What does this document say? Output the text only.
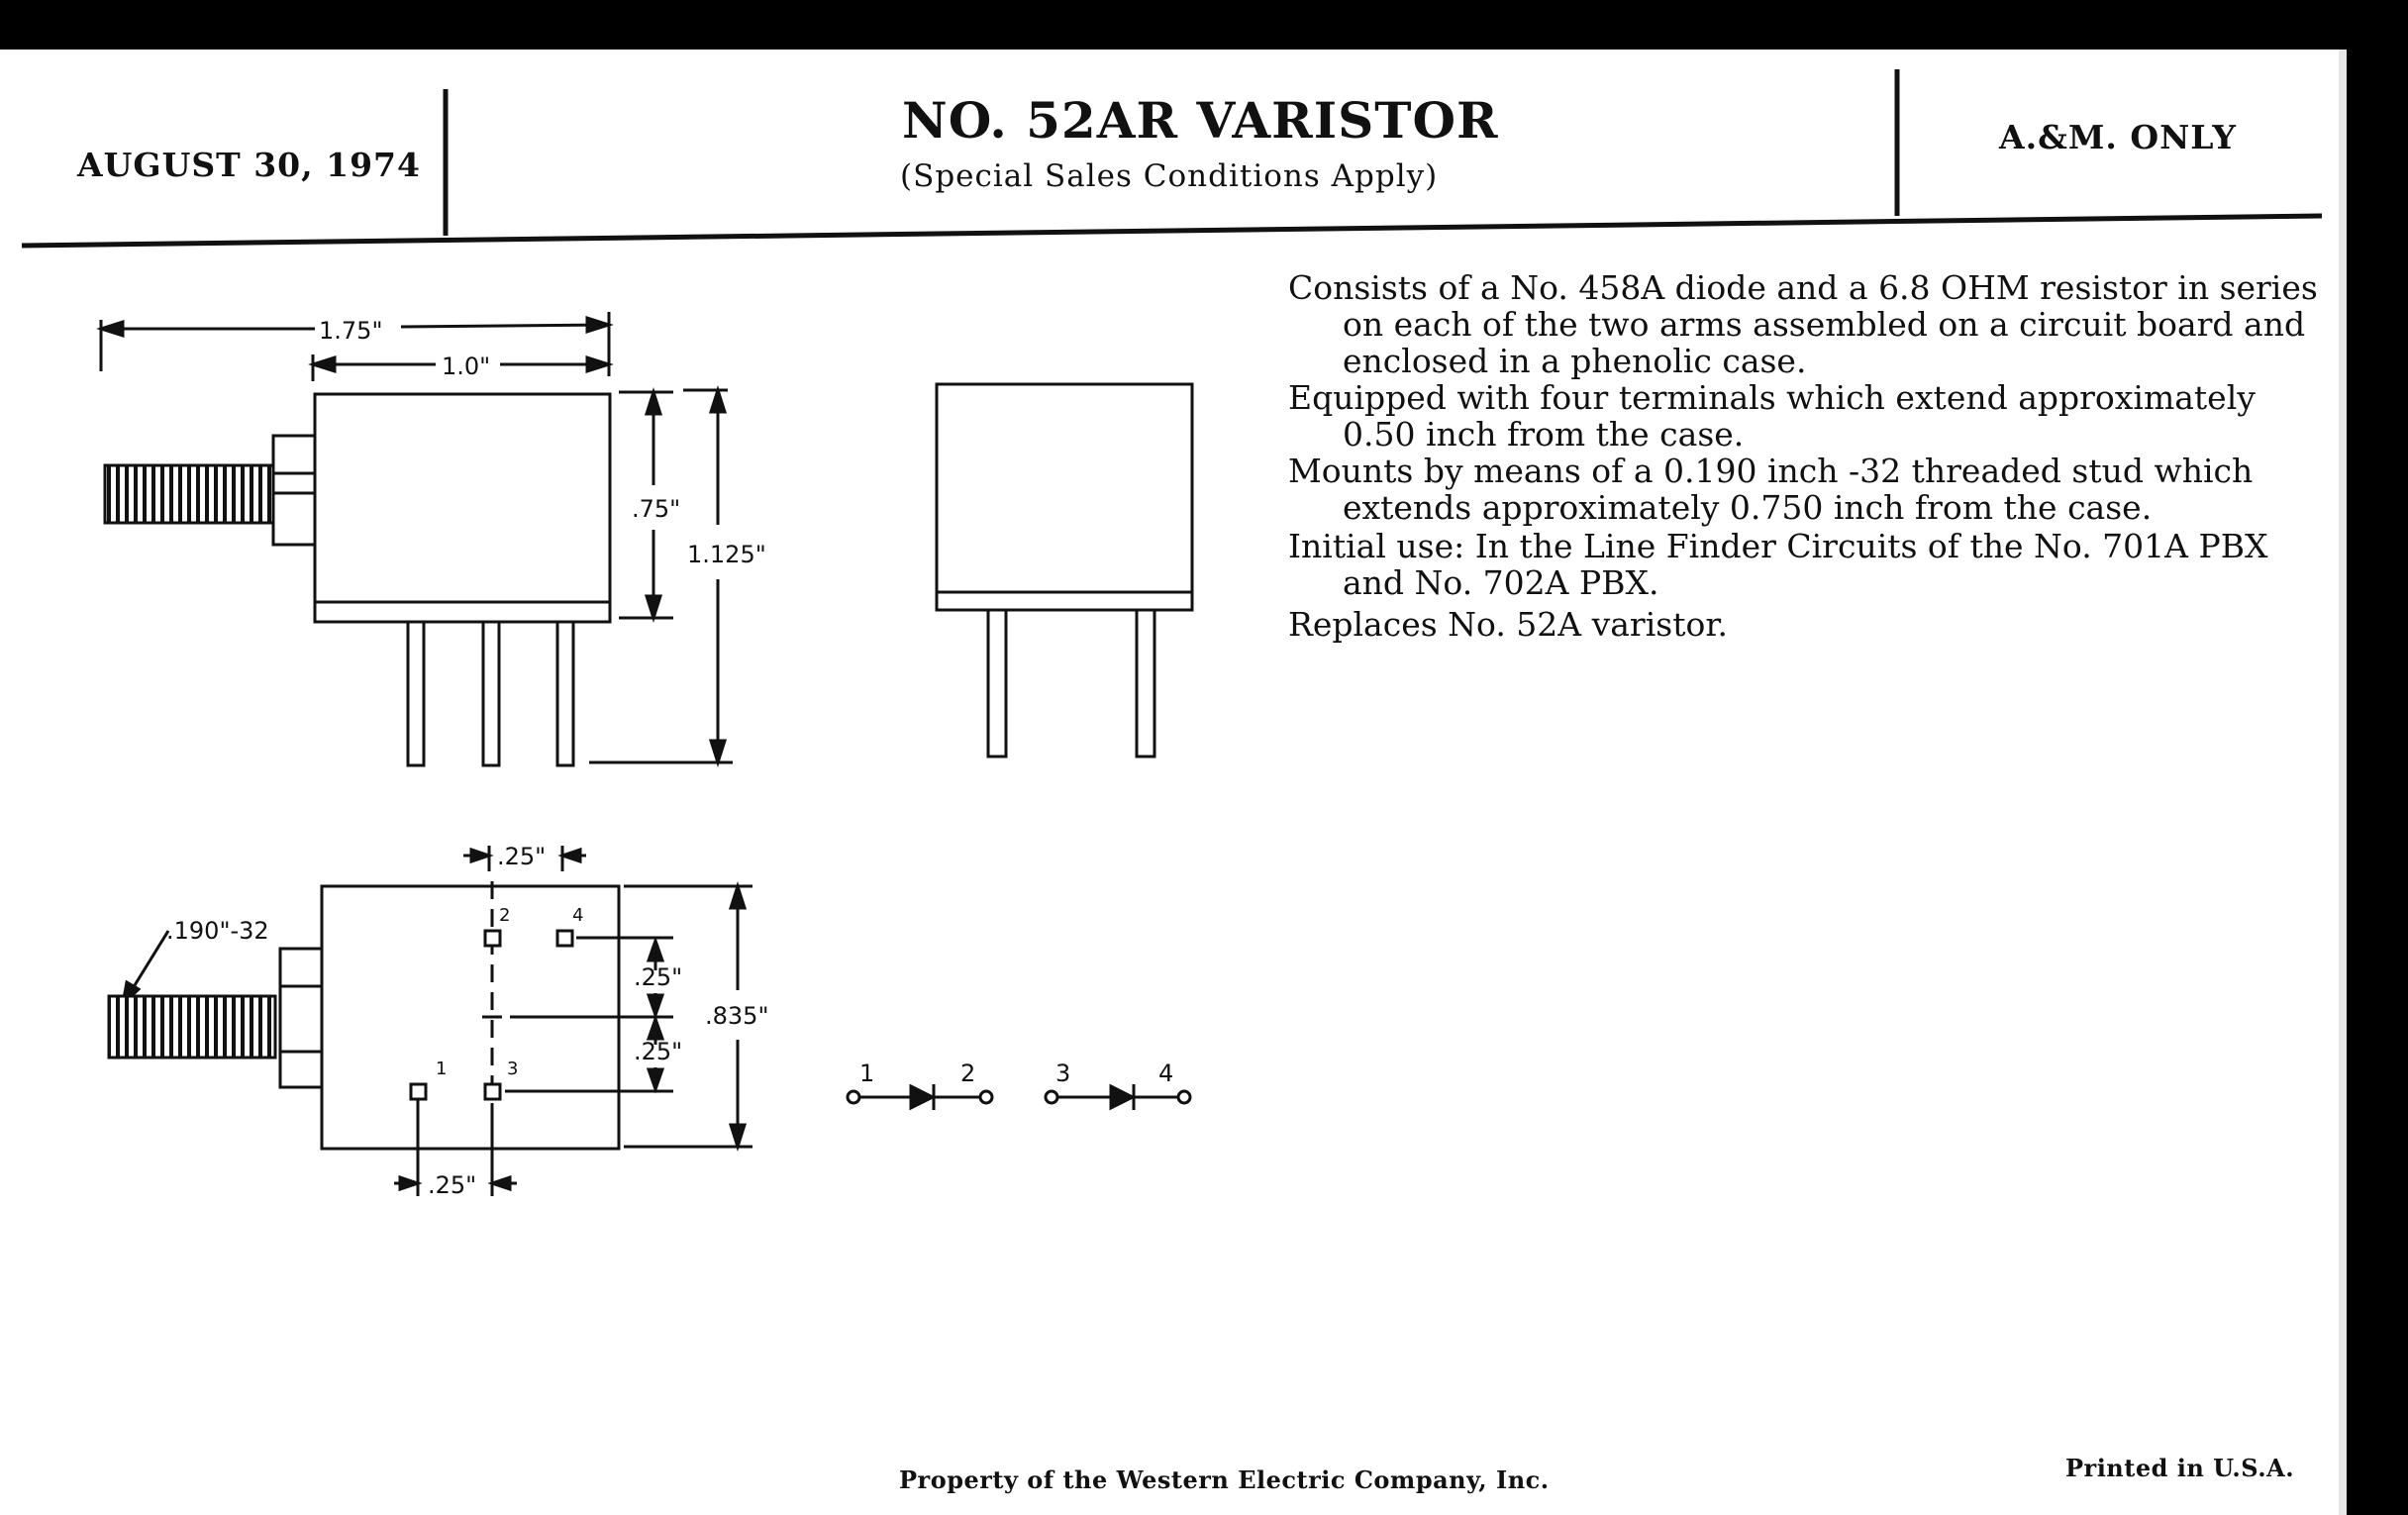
1.75"
1.0"
.75"
1.125"
.25"
.190"-32
.25"
.25"
.835"
.25"
2	4
1	3	1	2	3	4
AUGUST 30, 1974
NO. 52AR VARISTOR
(Special Sales Conditions Apply)
A.&M. ONLY

Consists of a No. 458A diode and a 6.8 OHM resistor in series on each of the two arms assembled on a circuit board and enclosed in a phenolic case.

Equipped with four terminals which extend approximately 0.50 inch from the case.

Mounts by means of a 0.190 inch -32 threaded stud which extends approximately 0.750 inch from the case.

Initial use: In the Line Finder Circuits of the No. 701A PBX and No. 702A PBX.

Replaces No. 52A varistor.

Property of the Western Electric Company, Inc.	Printed in U.S.A.
